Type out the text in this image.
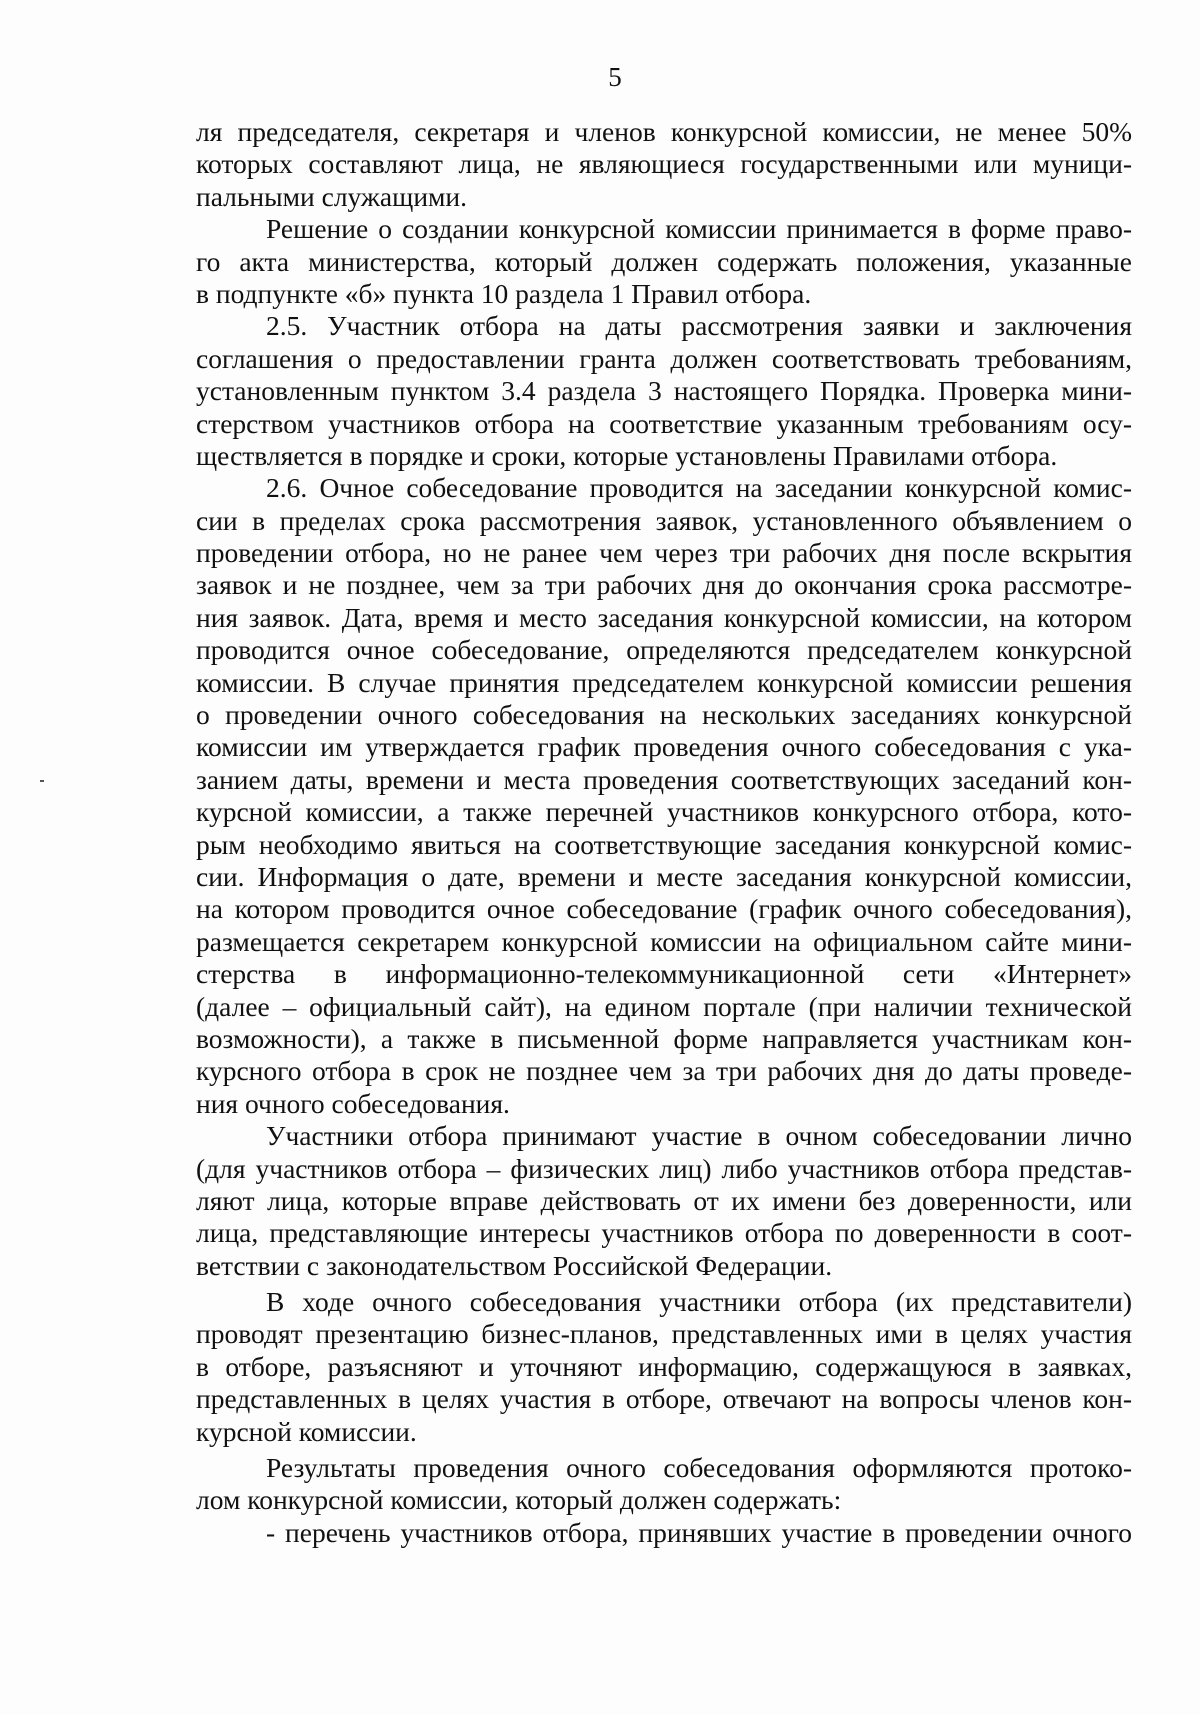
5
ля председателя, секретаря и членов конкурсной комиссии, не менее 50%
которых составляют лица, не являющиеся государственными или муници-
пальными служащими.
Решение о создании конкурсной комиссии принимается в форме право-
го акта министерства, который должен содержать положения, указанные
в подпункте «б» пункта 10 раздела 1 Правил отбора.
2.5. Участник отбора на даты рассмотрения заявки и заключения
соглашения о предоставлении гранта должен соответствовать требованиям,
установленным пунктом 3.4 раздела 3 настоящего Порядка. Проверка мини-
стерством участников отбора на соответствие указанным требованиям осу-
ществляется в порядке и сроки, которые установлены Правилами отбора.
2.6. Очное собеседование проводится на заседании конкурсной комис-
сии в пределах срока рассмотрения заявок, установленного объявлением о
проведении отбора, но не ранее чем через три рабочих дня после вскрытия
заявок и не позднее, чем за три рабочих дня до окончания срока рассмотре-
ния заявок. Дата, время и место заседания конкурсной комиссии, на котором
проводится очное собеседование, определяются председателем конкурсной
комиссии. В случае принятия председателем конкурсной комиссии решения
о проведении очного собеседования на нескольких заседаниях конкурсной
комиссии им утверждается график проведения очного собеседования с ука-
занием даты, времени и места проведения соответствующих заседаний кон-
курсной комиссии, а также перечней участников конкурсного отбора, кото-
рым необходимо явиться на соответствующие заседания конкурсной комис-
сии. Информация о дате, времени и месте заседания конкурсной комиссии,
на котором проводится очное собеседование (график очного собеседования),
размещается секретарем конкурсной комиссии на официальном сайте мини-
стерства в информационно-телекоммуникационной сети «Интернет»
(далее – официальный сайт), на едином портале (при наличии технической
возможности), а также в письменной форме направляется участникам кон-
курсного отбора в срок не позднее чем за три рабочих дня до даты проведе-
ния очного собеседования.
Участники отбора принимают участие в очном собеседовании лично
(для участников отбора – физических лиц) либо участников отбора представ-
ляют лица, которые вправе действовать от их имени без доверенности, или
лица, представляющие интересы участников отбора по доверенности в соот-
ветствии с законодательством Российской Федерации.
В ходе очного собеседования участники отбора (их представители)
проводят презентацию бизнес-планов, представленных ими в целях участия
в отборе, разъясняют и уточняют информацию, содержащуюся в заявках,
представленных в целях участия в отборе, отвечают на вопросы членов кон-
курсной комиссии.
Результаты проведения очного собеседования оформляются протоко-
лом конкурсной комиссии, который должен содержать:
- перечень участников отбора, принявших участие в проведении очного
